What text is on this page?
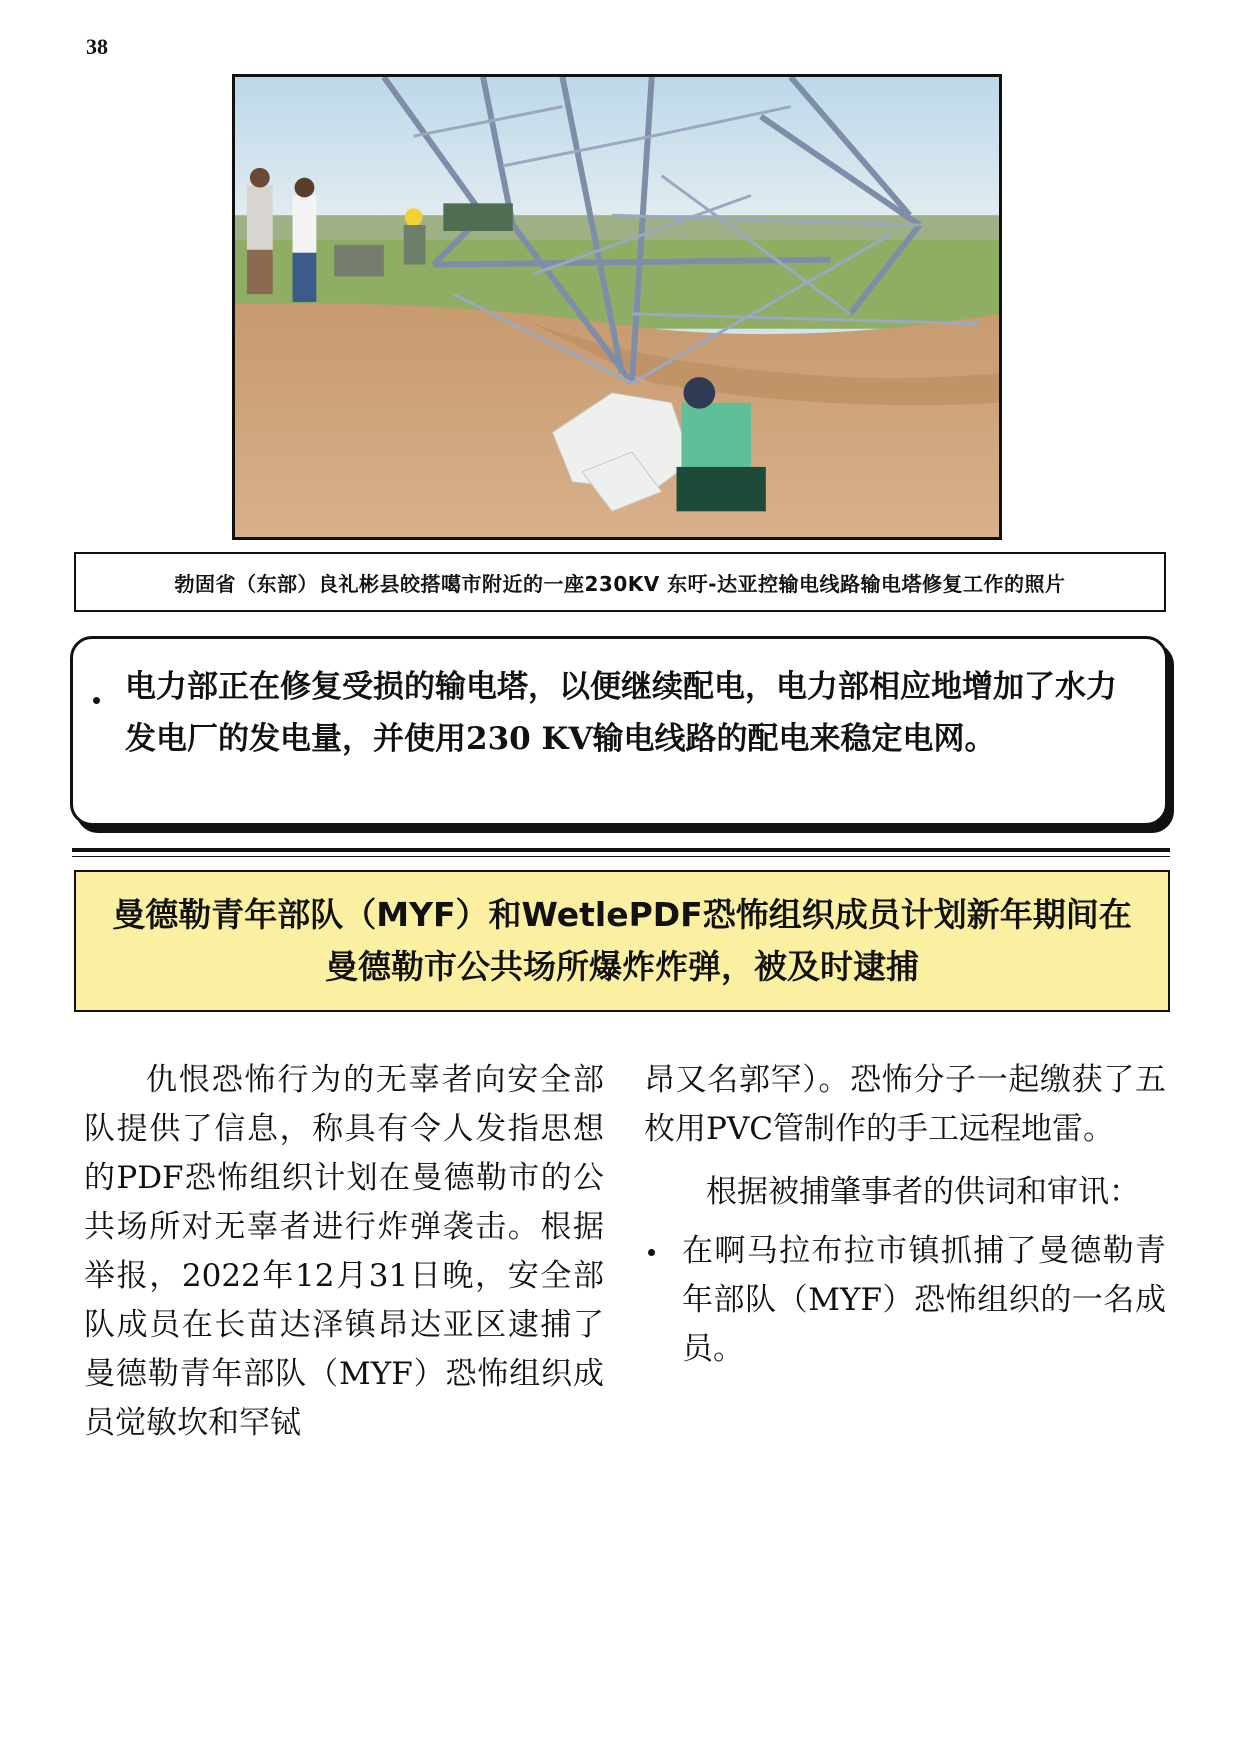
38
勃固省（东部）良礼彬县皎搭噶市附近的一座230KV 东吁-达亚控输电线路输电塔修复工作的照片
电力部正在修复受损的输电塔，以便继续配电，电力部相应地增加了水力发电厂的发电量，并使用230 KV输电线路的配电来稳定电网。
曼德勒青年部队（MYF）和WetlePDF恐怖组织成员计划新年期间在
曼德勒市公共场所爆炸炸弹，被及时逮捕

仇恨恐怖行为的无辜者向安全部队提供了信息，称具有令人发指思想的PDF恐怖组织计划在曼德勒市的公共场所对无辜者进行炸弹袭击。根据举报，2022年12月31日晚，安全部队成员在长苗达泽镇昂达亚区逮捕了曼德勒青年部队（MYF）恐怖组织成员觉敏坎和罕铽

昂又名郭罕）。恐怖分子一起缴获了五枚用PVC管制作的手工远程地雷。

根据被捕肇事者的供词和审讯：

在啊马拉布拉市镇抓捕了曼德勒青年部队（MYF）恐怖组织的一名成员。
